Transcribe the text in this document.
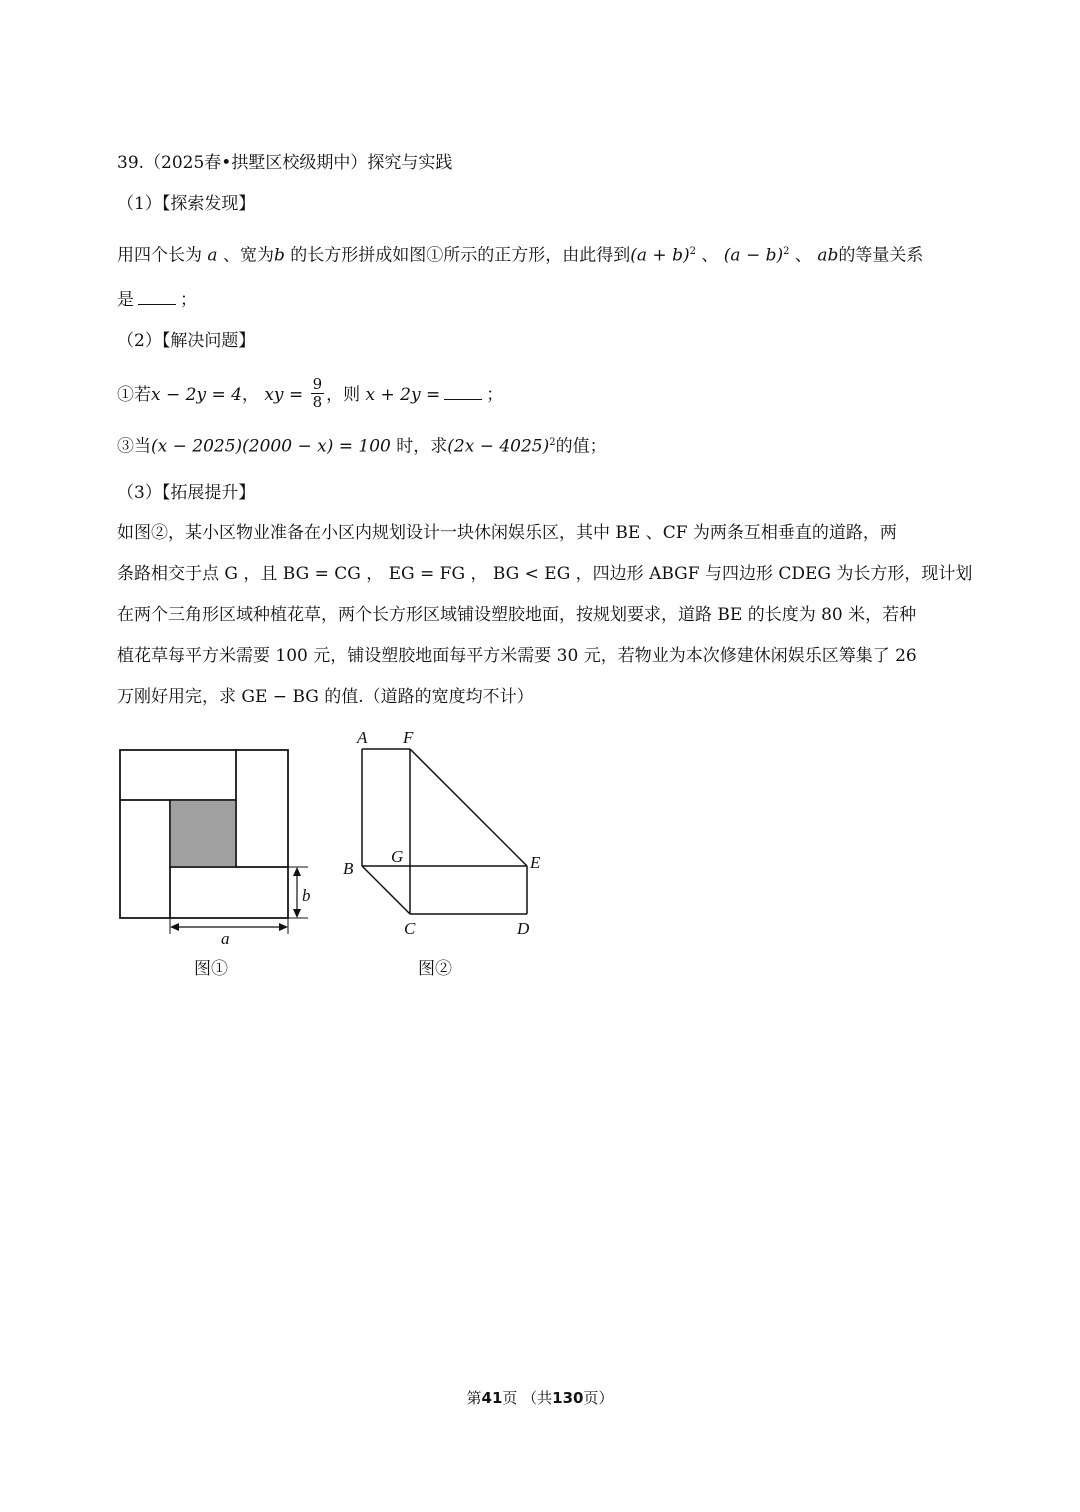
39.（2025春•拱墅区校级期中）探究与实践
（1）【探索发现】
用四个长为 a 、宽为b 的长方形拼成如图①所示的正方形，由此得到$(a + b)^2$ 、 $(a - b)^2$ 、 ab的等量关系
是	；
（2）【解决问题】
①若x − 2y = 4， xy = $\frac{9}{8}$ ，则 x + 2y =	；
③当(x − 2025)(2000 − x) = 100 时，求$(2x - 4025)^2$的值；
（3）【拓展提升】
如图②，某小区物业准备在小区内规划设计一块休闲娱乐区，其中 BE 、CF 为两条互相垂直的道路，两
条路相交于点 G ，且 BG = CG ， EG = FG ， BG < EG ，四边形 ABGF 与四边形 CDEG 为长方形，现计划
在两个三角形区域种植花草，两个长方形区域铺设塑胶地面，按规划要求，道路 BE 的长度为 80 米，若种
植花草每平方米需要 100 元，铺设塑胶地面每平方米需要 30 元，若物业为本次修建休闲娱乐区筹集了 26
万刚好用完，求 GE − BG 的值.（道路的宽度均不计）
b
a
A F
G
B	E
C	D
图①	图②
第41页 （共130页）
